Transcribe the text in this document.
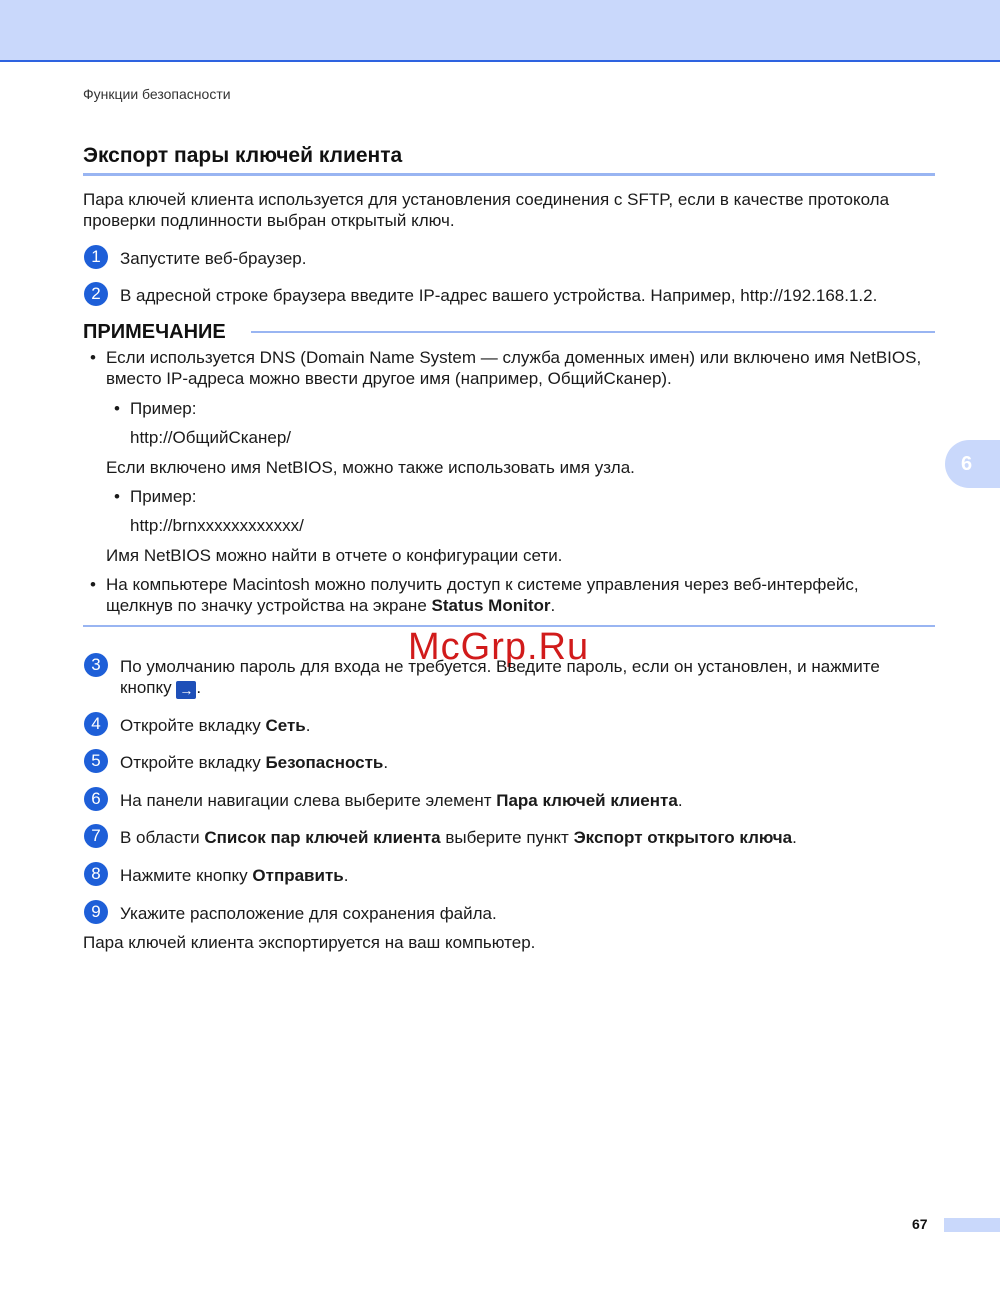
Функции безопасности
Экспорт пары ключей клиента
Пара ключей клиента используется для установления соединения с SFTP, если в качестве протокола
проверки подлинности выбран открытый ключ.
1	Запустите веб-браузер.
2	В адресной строке браузера введите IP-адрес вашего устройства. Например, http://192.168.1.2.
ПРИМЕЧАНИЕ
• Если используется DNS (Domain Name System — служба доменных имен) или включено имя NetBIOS,
вместо IP-адреса можно ввести другое имя (например, ОбщийСканер).
• Пример:
http://ОбщийСканер/
Если включено имя NetBIOS, можно также использовать имя узла.
• Пример:
http://brnxxxxxxxxxxxx/
Имя NetBIOS можно найти в отчете о конфигурации сети.
• На компьютере Macintosh можно получить доступ к системе управления через веб-интерфейс,
щелкнув по значку устройства на экране Status Monitor.
McGrp.Ru
3	По умолчанию пароль для входа не требуется. Введите пароль, если он установлен, и нажмите
кнопку → .
4	Откройте вкладку Сеть.
5	Откройте вкладку Безопасность.
6	На панели навигации слева выберите элемент Пара ключей клиента.
7	В области Список пар ключей клиента выберите пункт Экспорт открытого ключа.
8	Нажмите кнопку Отправить.
9	Укажите расположение для сохранения файла.
Пара ключей клиента экспортируется на ваш компьютер.
6
67
